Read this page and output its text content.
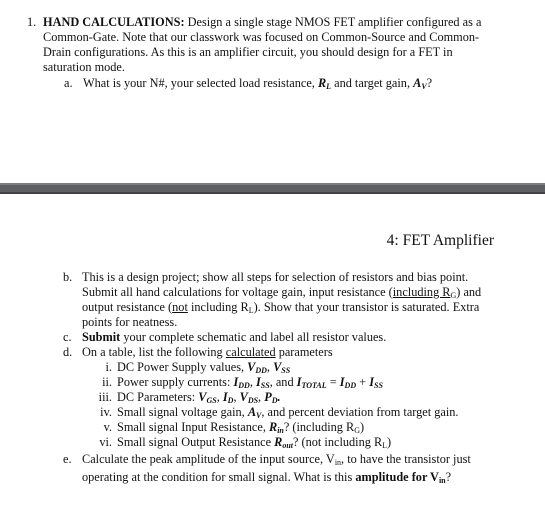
1. HAND CALCULATIONS: Design a single stage NMOS FET amplifier configured as a
Common-Gate. Note that our classwork was focused on Common-Source and Common-
Drain configurations. As this is an amplifier circuit, you should design for a FET in
saturation mode.
a. What is your N#, your selected load resistance, $R_L$ and target gain, $A_V$?
4: FET Amplifier
b. This is a design project; show all steps for selection of resistors and bias point.
Submit all hand calculations for voltage gain, input resistance (including $R_G$) and
output resistance (not including $R_L$). Show that your transistor is saturated. Extra
points for neatness.
c. Submit your complete schematic and label all resistor values.
d. On a table, list the following calculated parameters
i. DC Power Supply values, $V_{DD}$, $V_{SS}$
ii. Power supply currents: $I_{DD}$, $I_{SS}$, and $I_{TOTAL} = I_{DD} + I_{SS}$
iii. DC Parameters: $V_{GS}$, $I_D$, $V_{DS}$, $P_D$.
iv. Small signal voltage gain, $A_V$, and percent deviation from target gain.
v. Small signal Input Resistance, $R_{in}$? (including $R_G$)
vi. Small signal Output Resistance $R_{out}$? (not including $R_L$)
e. Calculate the peak amplitude of the input source, $V_{in}$, to have the transistor just
operating at the condition for small signal. What is this amplitude for $V_{in}$?
